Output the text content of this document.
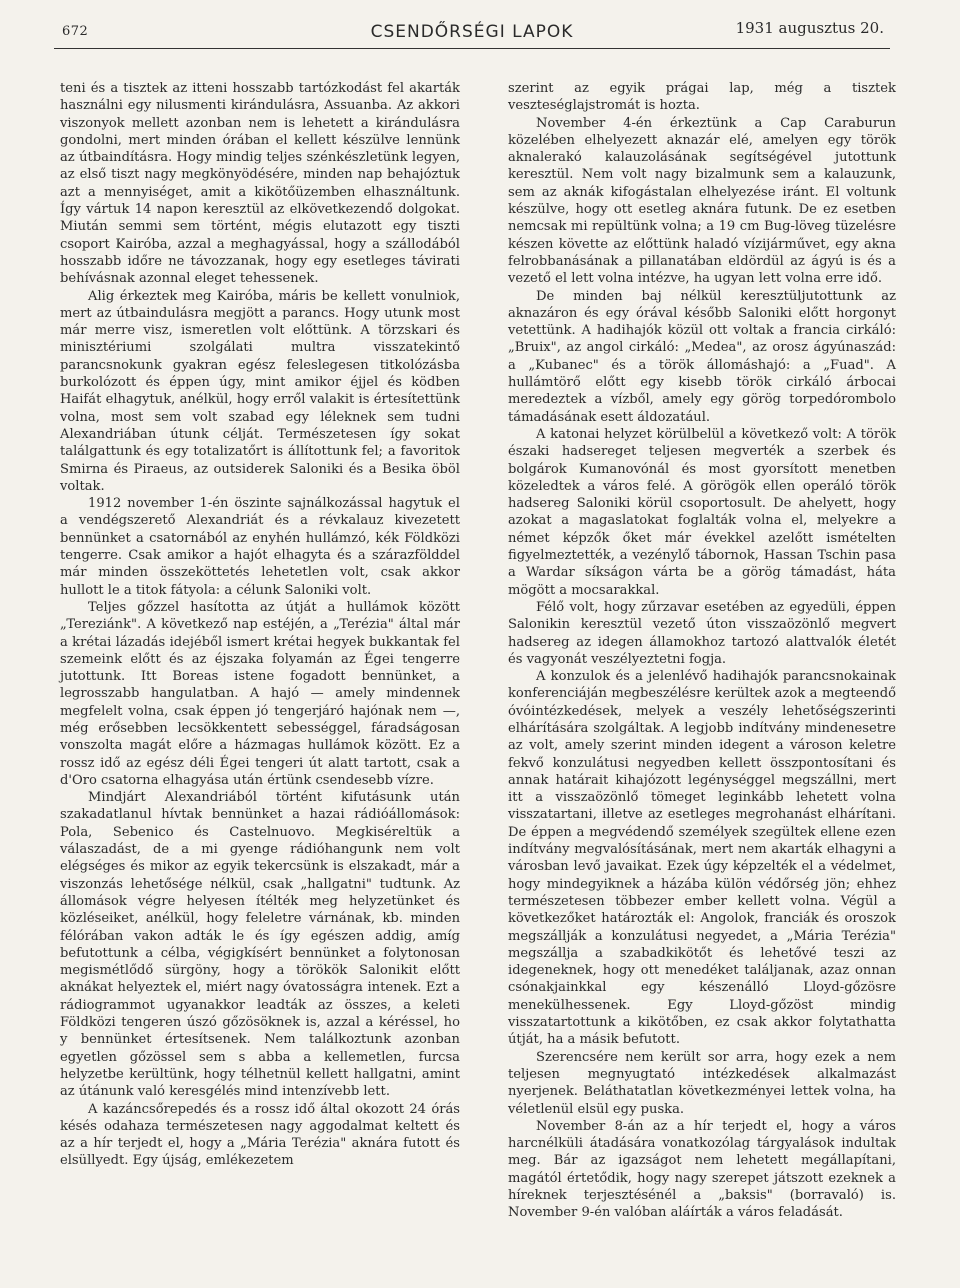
672	CSENDŐRSÉGI LAPOK	1931 augusztus 20.

teni és a tisztek az itteni hosszabb tartózkodást fel akarták használni egy nilusmenti kirándulásra, Assuanba. Az akkori viszonyok mellett azonban nem is lehetett a kirándulásra gondolni, mert minden órában el kellett készülve lennünk az útbaindításra. Hogy mindig teljes szénkészletünk legyen, az első tiszt nagy megkönyödésére, minden nap behajóztuk azt a mennyiséget, amit a kikötőüzemben elhasználtunk. Így vártuk 14 napon keresztül az elkövetkezendő dolgokat. Miután semmi sem történt, mégis elutazott egy tiszti csoport Kairóba, azzal a meghagyással, hogy a szállodából hosszabb időre ne távozzanak, hogy egy esetleges távirati behívásnak azonnal eleget tehessenek.

Alig érkeztek meg Kairóba, máris be kellett vonulniok, mert az útbaindulásra megjött a parancs. Hogy utunk most már merre visz, ismeretlen volt előttünk. A törzskari és minisztériumi szolgálati multra visszatekintő parancsnokunk gyakran egész feleslegesen titkolózásba burkolózott és éppen úgy, mint amikor éjjel és ködben Haifát elhagytuk, anélkül, hogy erről valakit is értesítettünk volna, most sem volt szabad egy léleknek sem tudni Alexandriában útunk célját. Természetesen így sokat találgattunk és egy totalizatőrt is állítottunk fel; a favoritok Smirna és Piraeus, az outsiderek Saloniki és a Besika öböl voltak.

1912 november 1-én öszinte sajnálkozással hagytuk el a vendégszerető Alexandriát és a révkalauz kivezetett bennünket a csatornából az enyhén hullámzó, kék Földközi tengerre. Csak amikor a hajót elhagyta és a szárazfölddel már minden összeköttetés lehetetlen volt, csak akkor hullott le a titok fátyola: a célunk Saloniki volt.

Teljes gőzzel hasította az útját a hullámok között „Tereziánk". A következő nap estéjén, a „Terézia" által már a krétai lázadás idejéből ismert krétai hegyek bukkantak fel szemeink előtt és az éjszaka folyamán az Égei tengerre jutottunk. Itt Boreas istene fogadott bennünket, a legrosszabb hangulatban. A hajó — amely mindennek megfelelt volna, csak éppen jó tengerjáró hajónak nem —, még erősebben lecsökkentett sebességgel, fáradságosan vonszolta magát előre a házmagas hullámok között. Ez a rossz idő az egész déli Égei tengeri út alatt tartott, csak a d'Oro csatorna elhagyása után értünk csendesebb vízre.

Mindjárt Alexandriából történt kifutásunk után szakadatlanul hívtak bennünket a hazai rádióállomások: Pola, Sebenico és Castelnuovo. Megkiséreltük a válaszadást, de a mi gyenge rádióhangunk nem volt elégséges és mikor az egyik tekercsünk is elszakadt, már a viszonzás lehetősége nélkül, csak „hallgatni" tudtunk. Az állomások végre helyesen ítélték meg helyzetünket és közléseiket, anélkül, hogy feleletre várnának, kb. minden félórában vakon adták le és így egészen addig, amíg befutottunk a célba, végigkísért bennünket a folytonosan megismétlődő sürgöny, hogy a törökök Salonikit előtt aknákat helyeztek el, miért nagy óvatosságra intenek. Ezt a rádiogrammot ugyanakkor leadták az összes, a keleti Földközi tengeren úszó gőzösöknek is, azzal a kéréssel, ho y bennünket értesítsenek. Nem találkoztunk azonban egyetlen gőzössel sem s abba a kellemetlen, furcsa helyzetbe kerültünk, hogy télhetnül kellett hallgatni, amint az útánunk való keresgélés mind intenzívebb lett.

A kazáncsőrepedés és a rossz idő által okozott 24 órás késés odahaza természetesen nagy aggodalmat keltett és az a hír terjedt el, hogy a „Mária Terézia" aknára futott és elsüllyedt. Egy újság, emlékezetem

szerint az egyik prágai lap, még a tisztek veszteséglajstromát is hozta.

November 4-én érkeztünk a Cap Caraburun közelében elhelyezett aknazár elé, amelyen egy török aknalerakó kalauzolásának segítségével jutottunk keresztül. Nem volt nagy bizalmunk sem a kalauzunk, sem az aknák kifogástalan elhelyezése iránt. El voltunk készülve, hogy ott esetleg aknára futunk. De ez esetben nemcsak mi repültünk volna; a 19 cm Bug-löveg tüzelésre készen követte az előttünk haladó vízijárművet, egy akna felrobbanásának a pillanatában eldördül az ágyú is és a vezető el lett volna intézve, ha ugyan lett volna erre idő.

De minden baj nélkül keresztüljutottunk az aknazáron és egy órával később Saloniki előtt horgonyt vetettünk. A hadihajók közül ott voltak a francia cirkáló: „Bruix", az angol cirkáló: „Medea", az orosz ágyúnaszád: a „Kubanec" és a török állomáshajó: a „Fuad". A hullámtörő előtt egy kisebb török cirkáló árbocai meredeztek a vízből, amely egy görög torpedórombolo támadásának esett áldozatául.

A katonai helyzet körülbelül a következő volt: A török északi hadsereget teljesen megverték a szerbek és bolgárok Kumanovónál és most gyorsított menetben közeledtek a város felé. A görögök ellen operáló török hadsereg Saloniki körül csoportosult. De ahelyett, hogy azokat a magaslatokat foglalták volna el, melyekre a német képzők őket már évekkel azelőtt ismételten figyelmeztették, a vezénylő tábornok, Hassan Tschin pasa a Wardar síkságon várta be a görög támadást, háta mögött a mocsarakkal.

Félő volt, hogy zűrzavar esetében az egyedüli, éppen Salonikin keresztül vezető úton visszaözönlő megvert hadsereg az idegen államokhoz tartozó alattvalók életét és vagyonát veszélyeztetni fogja.

A konzulok és a jelenlévő hadihajók parancsnokainak konferenciáján megbeszélésre kerültek azok a megteendő óvóintézkedések, melyek a veszély lehetőségszerinti elhárítására szolgáltak. A legjobb indítvány mindenesetre az volt, amely szerint minden idegent a városon keletre fekvő konzulátusi negyedben kellett összpontosítani és annak határait kihajózott legénységgel megszállni, mert itt a visszaözönlő tömeget leginkább lehetett volna visszatartani, illetve az esetleges megrohanást elhárítani. De éppen a megvédendő személyek szegültek ellene ezen indítvány megvalósításának, mert nem akarták elhagyni a városban levő javaikat. Ezek úgy képzelték el a védelmet, hogy mindegyiknek a házába külön védőrség jön; ehhez természetesen többezer ember kellett volna. Végül a következőket határozták el: Angolok, franciák és oroszok megszállják a konzulátusi negyedet, a „Mária Terézia" megszállja a szabadkikötőt és lehetővé teszi az idegeneknek, hogy ott menedéket találjanak, azaz onnan csónakjainkkal egy készenálló Lloyd-gőzösre menekülhessenek. Egy Lloyd-gőzöst mindig visszatartottunk a kikötőben, ez csak akkor folytathatta útját, ha a másik befutott.

Szerencsére nem került sor arra, hogy ezek a nem teljesen megnyugtató intézkedések alkalmazást nyerjenek. Beláthatatlan következményei lettek volna, ha véletlenül elsül egy puska.

November 8-án az a hír terjedt el, hogy a város harcnélküli átadására vonatkozólag tárgyalások indultak meg. Bár az igazságot nem lehetett megállapítani, magától értetődik, hogy nagy szerepet játszott ezeknek a híreknek terjesztésénél a „baksis" (borravaló) is. November 9-én valóban aláírták a város feladását.
